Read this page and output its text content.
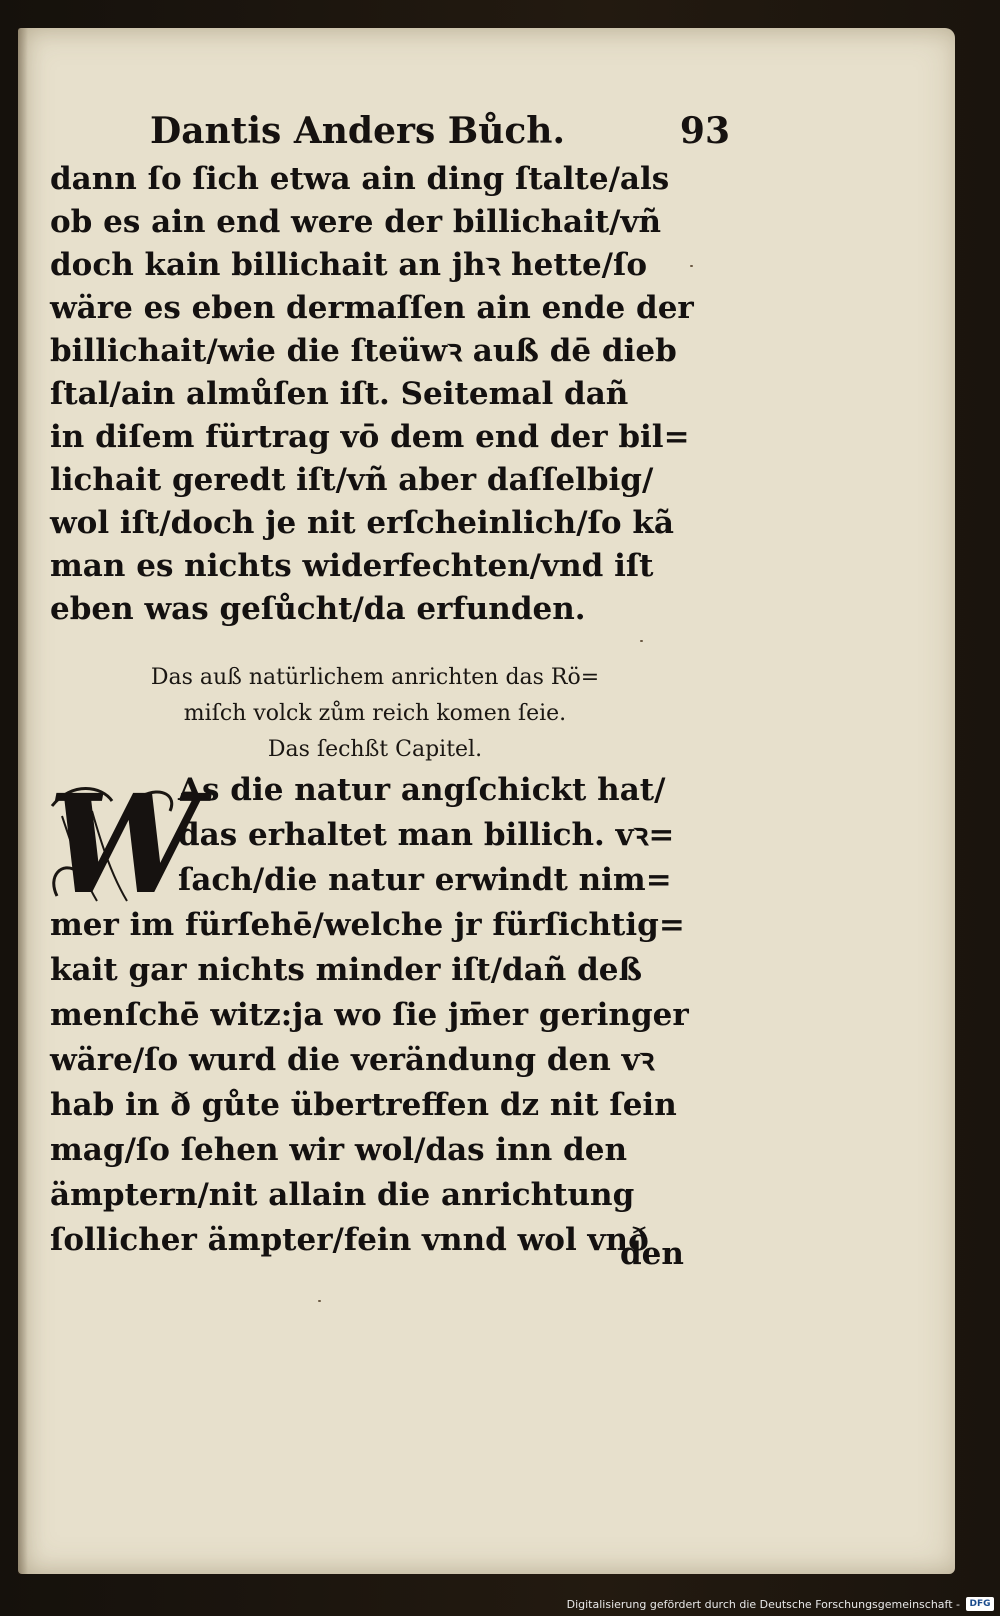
Dantis Anders Bůch.	93
dann ſo ſich etwa ain ding ſtalte/als
ob es ain end were der billichait/vñ
doch kain billichait an jhꝛ hette/ſo
wäre es eben dermaſſen ain ende der
billichait/wie die ſteüwꝛ auß dē dieb
ſtal/ain almůſen iſt. Seitemal dañ
in diſem fürtrag vō dem end der bil=
lichait geredt iſt/vñ aber daſſelbig/
wol iſt/doch je nit erſcheinlich/ſo kã
man es nichts widerfechten/vnd iſt
eben was geſůcht/da erfunden.
Das auß natürlichem anrichten das Rö=
miſch volck zům reich komen ſeie.
Das ſechßt Capitel.
W
As die natur angſchickt hat/
das erhaltet man billich. vꝛ=
ſach/die natur erwindt nim=
mer im fürſehē/welche jr fürſichtig=
kait gar nichts minder iſt/dañ deß
menſchē witz:ja wo ſie jm̄er geringer
wäre/ſo wurd die verändung den vꝛ
hab in ð gůte übertreffen dz nit ſein
mag/ſo ſehen wir wol/das inn den
ämptern/nit allain die anrichtung
ſollicher ämpter/fein vnnd wol vnð
den
Digitalisierung gefördert durch die Deutsche Forschungsgemeinschaft -	DFG
